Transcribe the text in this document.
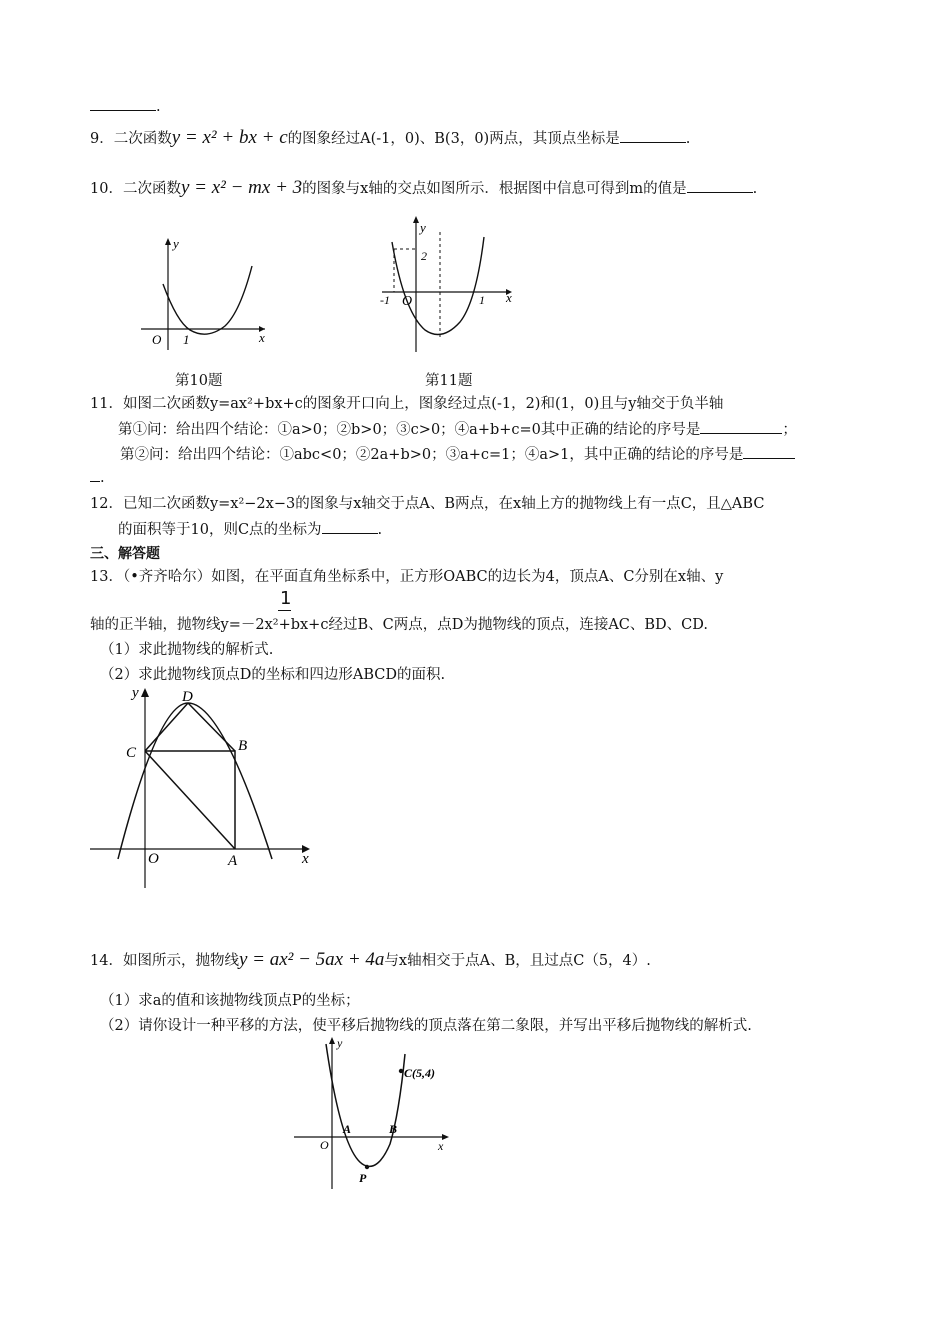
.
9．二次函数y = x² + bx + c的图象经过A(-1，0)、B(3，0)两点，其顶点坐标是	.
10．二次函数y = x² − mx + 3的图象与x轴的交点如图所示．根据图中信息可得到m的值是	.
y
x
O 1
第10题
y
2
x
-1 O	1
第11题
11．如图二次函数y=ax²+bx+c的图象开口向上，图象经过点(-1，2)和(1，0)且与y轴交于负半轴
第①问：给出四个结论：①a>0；②b>0；③c>0；④a+b+c=0其中正确的结论的序号是	；
第②问：给出四个结论：①abc<0；②2a+b>0；③a+c=1；④a>1，其中正确的结论的序号是
.
12．已知二次函数y=x²−2x−3的图象与x轴交于点A、B两点，在x轴上方的抛物线上有一点C，且△ABC
的面积等于10，则C点的坐标为	.
三、解答题
13．（•齐齐哈尔）如图，在平面直角坐标系中，正方形OABC的边长为4，顶点A、C分别在x轴、y
1
轴的正半轴，抛物线y=－2x²+bx+c经过B、C两点，点D为抛物线的顶点，连接AC、BD、CD.
（1）求此抛物线的解析式.
（2）求此抛物线顶点D的坐标和四边形ABCD的面积.
y
x
O	A
B
C
D
14．如图所示，抛物线y = ax² − 5ax + 4a与x轴相交于点A、B，且过点C（5，4）.
（1）求a的值和该抛物线顶点P的坐标；
（2）请你设计一种平移的方法，使平移后抛物线的顶点落在第二象限，并写出平移后抛物线的解析式.
y
x
O
A	B
P
C(5,4)
